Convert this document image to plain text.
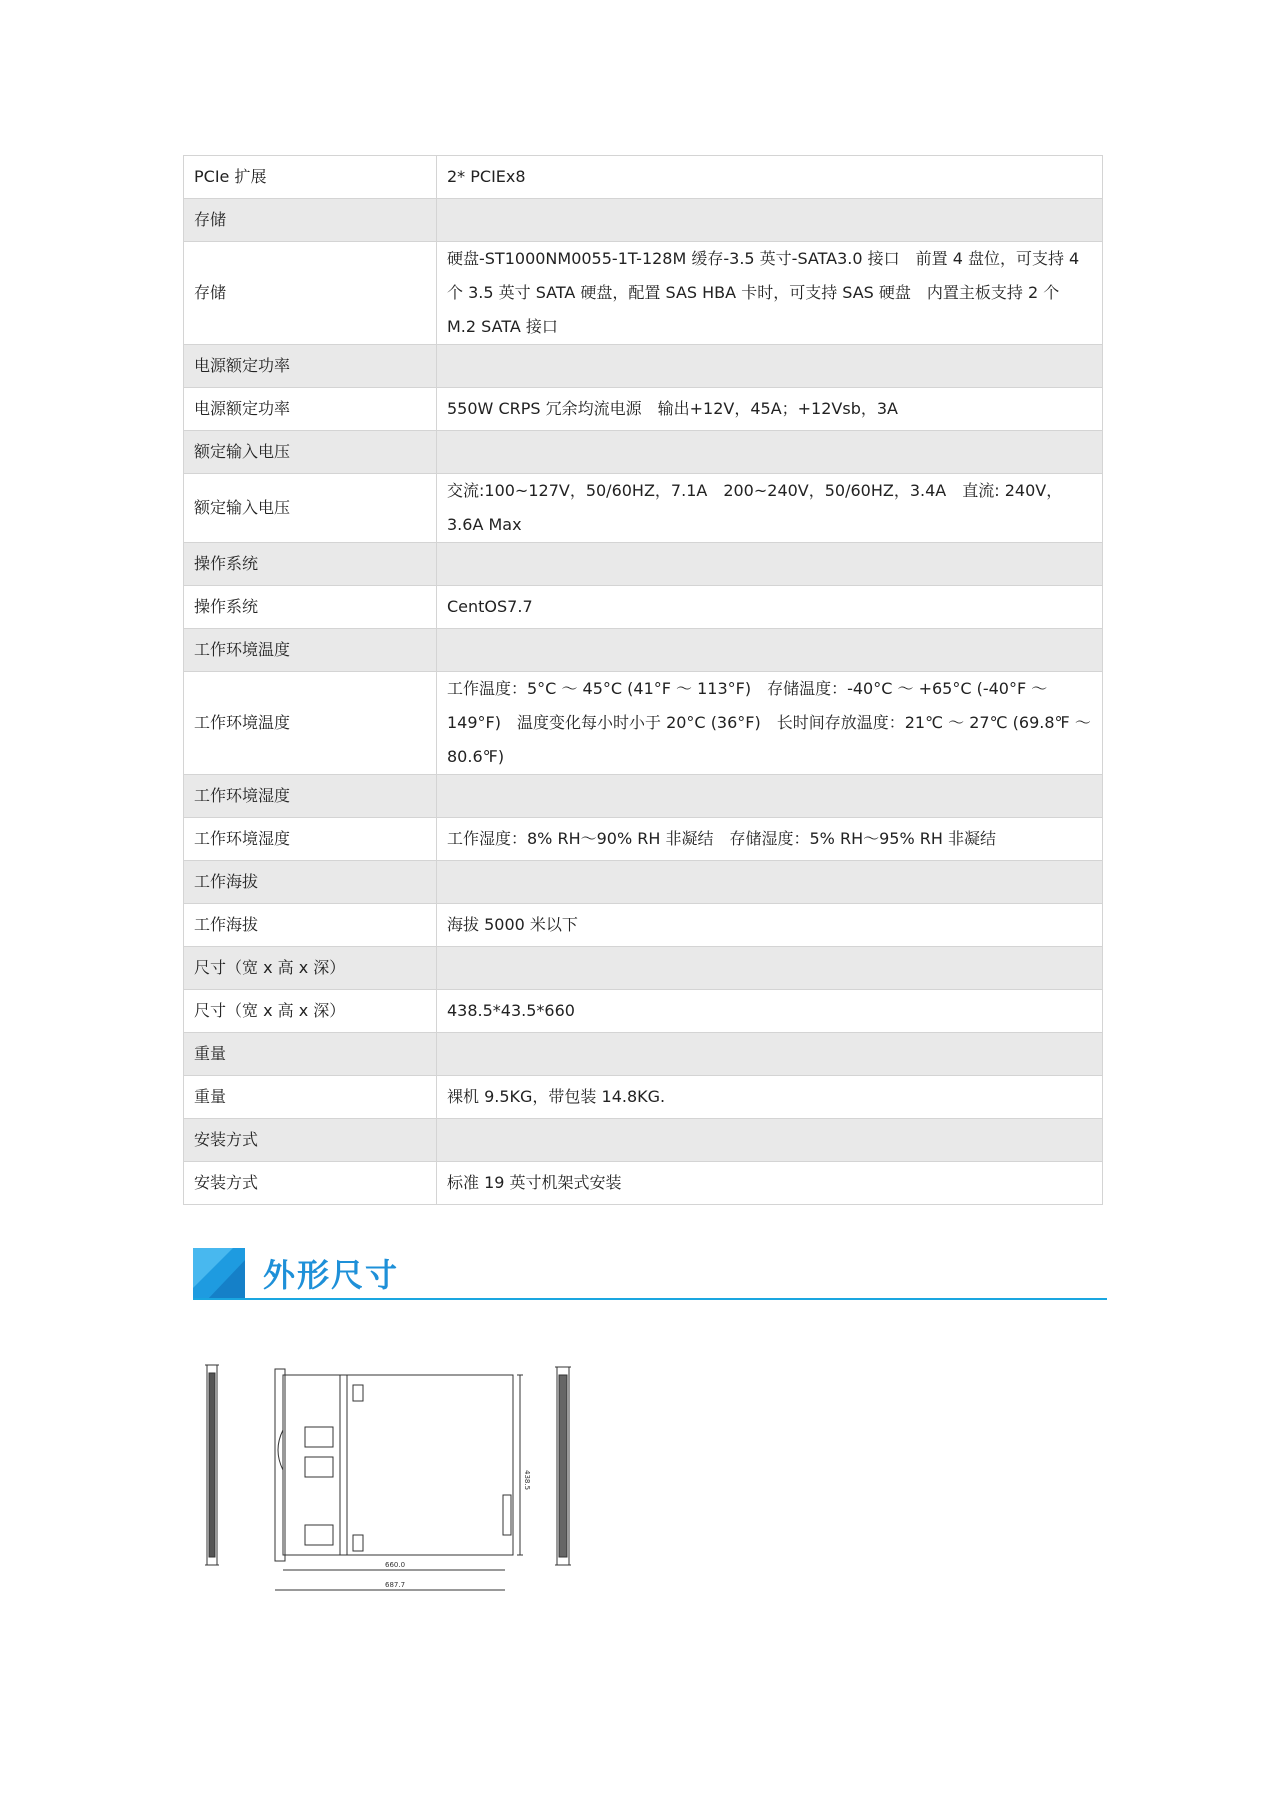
PCIe 扩展	2* PCIEx8
存储	
存储	硬盘-ST1000NM0055-1T-128M 缓存-3.5 英寸-SATA3.0 接口　前置 4 盘位，可支持 4 个 3.5 英寸 SATA 硬盘，配置 SAS HBA 卡时，可支持 SAS 硬盘　内置主板支持 2 个 M.2 SATA 接口
电源额定功率	
电源额定功率	550W CRPS 冗余均流电源　输出+12V，45A；+12Vsb，3A
额定输入电压	
额定输入电压	交流:100~127V，50/60HZ，7.1A　200~240V，50/60HZ，3.4A　直流: 240V，3.6A Max
操作系统	
操作系统	CentOS7.7
工作环境温度	
工作环境温度	工作温度：5°C ～ 45°C (41°F ～ 113°F)　存储温度：-40°C ～ +65°C (-40°F ～ 149°F)　温度变化每小时小于 20°C (36°F)　长时间存放温度：21℃ ～ 27℃ (69.8℉ ～ 80.6℉)
工作环境湿度	
工作环境湿度	工作湿度：8% RH～90% RH 非凝结　存储湿度：5% RH～95% RH 非凝结
工作海拔	
工作海拔	海拔 5000 米以下
尺寸（宽 x 高 x 深）	
尺寸（宽 x 高 x 深）	438.5*43.5*660
重量	
重量	裸机 9.5KG，带包装 14.8KG.
安装方式	
安装方式	标准 19 英寸机架式安装
外形尺寸
438.5
660.0
687.7
